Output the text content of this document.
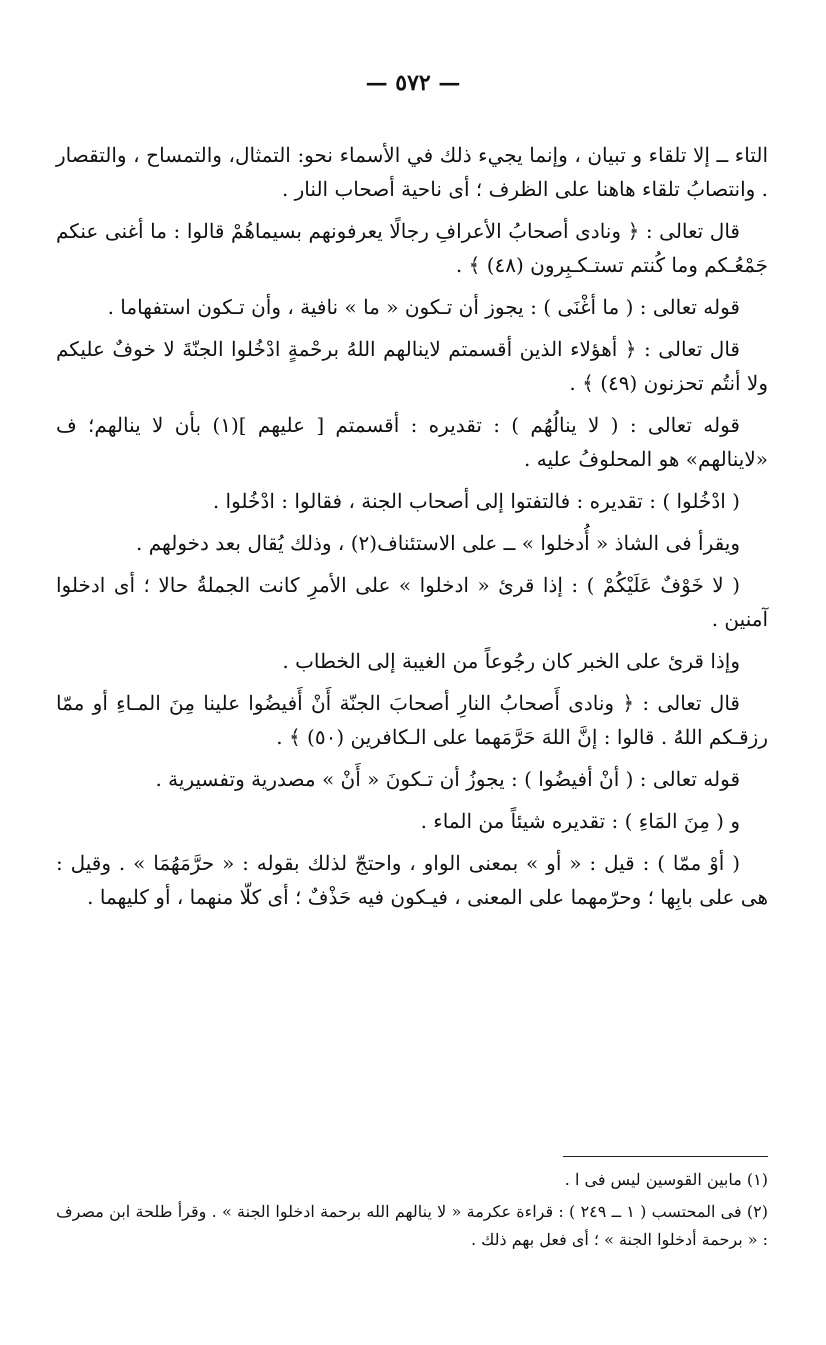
— ٥٧٢ —

التاء ــ إلا تلقاء و تبيان ، وإنما يجيء ذلك في الأسماء نحو: التمثال، والتمساح ، والتقصار . وانتصابُ تلقاء هاهنا على الظرف ؛ أى ناحية أصحاب النار .

قال تعالى : ﴿ ونادى أصحابُ الأعرافِ رجالًا يعرفونهم بسيماهُمْ قالوا : ما أغنى عنكم جَمْعُـكم وما كُنتم تستـكـبِرون (٤٨) ﴾ .

قوله تعالى : ( ما أغْنَى ) : يجوز أن تـكون « ما » نافية ، وأن تـكون استفهاما .

قال تعالى : ﴿ أهؤلاء الذين أقسمتم لاينالهم اللهُ برحْمةٍ ادْخُلوا الجنّةَ لا خوفٌ عليكم ولا أنتُم تحزنون (٤٩) ﴾ .

قوله تعالى : ( لا ينالُهُم ) : تقديره : أقسمتم [ عليهم ](١) بأن لا ينالهم؛ ف «لاينالهم» هو المحلوفُ عليه .

( ادْخُلوا ) : تقديره : فالتفتوا إلى أصحاب الجنة ، فقالوا : ادْخُلوا .

ويقرأ فى الشاذ « أُدخلوا » ــ على الاستئناف(٢) ، وذلك يُقال بعد دخولهم .

( لا خَوْفٌ عَلَيْكُمْ ) : إذا قرئ « ادخلوا » على الأمرِ كانت الجملةُ حالا ؛ أى ادخلوا آمنين .

وإذا قرئ على الخبر كان رجُوعاً من الغيبة إلى الخطاب .

قال تعالى : ﴿ ونادى أَصحابُ النارِ أصحابَ الجنّة أَنْ أَفيضُوا علينا مِنَ المـاءِ أو ممّا رزقـكم اللهُ . قالوا : إنَّ اللهَ حَرَّمَهما على الـكافرين (٥٠) ﴾ .

قوله تعالى : ( أنْ أفيضُوا ) : يجوزُ أن تـكونَ « أَنْ » مصدرية وتفسيرية .

و ( مِنَ المَاءِ ) : تقديره شيئاً من الماء .

( أوْ ممّا ) : قيل : « أو » بمعنى الواو ، واحتجّ لذلك بقوله : « حرَّمَهُمَا » . وقيل : هى على بابِها ؛ وحرّمهما على المعنى ، فيـكون فيه حَذْفٌ ؛ أى كلّا منهما ، أو كليهما .

(١) مابين القوسين ليس فى ا .

(٢) فى المحتسب ( ١ ــ ٢٤٩ ) : قراءة عكرمة « لا ينالهم الله برحمة ادخلوا الجنة » . وقرأ طلحة ابن مصرف : « برحمة أدخلوا الجنة » ؛ أى فعل بهم ذلك .
